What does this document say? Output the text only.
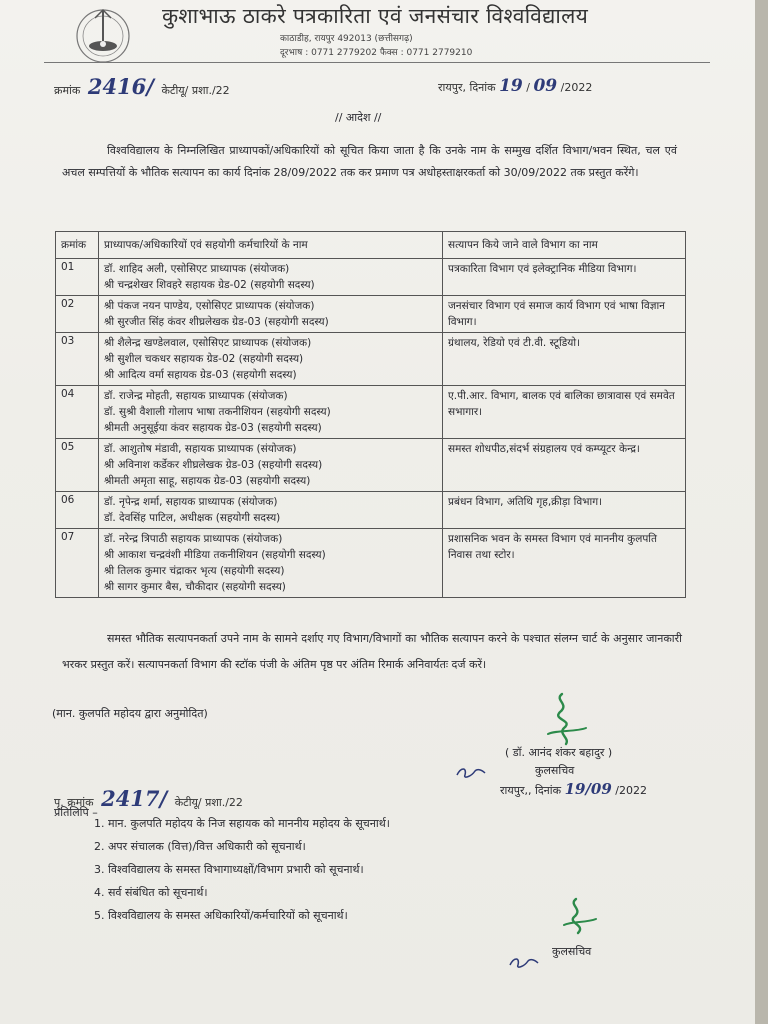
कुशाभाऊ ठाकरे पत्रकारिता एवं जनसंचार विश्वविद्यालय
काठाडीह, रायपुर 492013 (छत्तीसगढ़)
दूरभाष : 0771 2779202 फैक्स : 0771 2779210
क्रमांक 2416/ केटीयू/ प्रशा./22	रायपुर, दिनांक 19 / 09 /2022
// आदेश //
विश्वविद्यालय के निम्नलिखित प्राध्यापकों/अधिकारियों को सूचित किया जाता है कि उनके नाम के सम्मुख दर्शित विभाग/भवन स्थित, चल एवं अचल सम्पत्तियों के भौतिक सत्यापन का कार्य दिनांक 28/09/2022 तक कर प्रमाण पत्र अधोहस्ताक्षरकर्ता को 30/09/2022 तक प्रस्तुत करेंगे।
क्रमांक	प्राध्यापक/अधिकारियों एवं सहयोगी कर्मचारियों के नाम	सत्यापन किये जाने वाले विभाग का नाम
01	डॉ. शाहिद अली, एसोसिएट प्राध्यापक (संयोजक)
श्री चन्द्रशेखर शिवहरे सहायक ग्रेड-02 (सहयोगी सदस्य)	पत्रकारिता विभाग एवं इलेक्ट्रानिक मीडिया विभाग।
02	श्री पंकज नयन पाण्डेय, एसोसिएट प्राध्यापक (संयोजक)
श्री सुरजीत सिंह कंवर शीघ्रलेखक ग्रेड-03 (सहयोगी सदस्य)	जनसंचार विभाग एवं समाज कार्य विभाग एवं भाषा विज्ञान विभाग।
03	श्री शैलेन्द्र खण्डेलवाल, एसोसिएट प्राध्यापक (संयोजक)
श्री सुशील चकधर सहायक ग्रेड-02 (सहयोगी सदस्य)
श्री आदित्य वर्मा सहायक ग्रेड-03 (सहयोगी सदस्य)	ग्रंथालय, रेडियो एवं टी.वी. स्टूडियो।
04	डॉ. राजेन्द्र मोहती, सहायक प्राध्यापक (संयोजक)
डॉ. सुश्री वैशाली गोलाप भाषा तकनीशियन (सहयोगी सदस्य)
श्रीमती अनुसूईया कंवर सहायक ग्रेड-03 (सहयोगी सदस्य)	ए.पी.आर. विभाग, बालक एवं बालिका छात्रावास एवं समवेत सभागार।
05	डॉ. आशुतोष मंडावी, सहायक प्राध्यापक (संयोजक)
श्री अविनाश कर्डेकर शीघ्रलेखक ग्रेड-03 (सहयोगी सदस्य)
श्रीमती अमृता साहू, सहायक ग्रेड-03 (सहयोगी सदस्य)	समस्त शोधपीठ,संदर्भ संग्रहालय एवं कम्प्यूटर केन्द्र।
06	डॉ. नृपेन्द्र शर्मा, सहायक प्राध्यापक (संयोजक)
डॉ. देवसिंह पाटिल, अधीक्षक (सहयोगी सदस्य)	प्रबंधन विभाग, अतिथि गृह,क्रीड़ा विभाग।
07	डॉ. नरेन्द्र त्रिपाठी सहायक प्राध्यापक (संयोजक)
श्री आकाश चन्द्रवंशी मीडिया तकनीशियन (सहयोगी सदस्य)
श्री तिलक कुमार चंद्राकर भृत्य (सहयोगी सदस्य)
श्री सागर कुमार बैस, चौकीदार (सहयोगी सदस्य)	प्रशासनिक भवन के समस्त विभाग एवं माननीय कुलपति निवास तथा स्टोर।
समस्त भौतिक सत्यापनकर्ता उपने नाम के सामने दर्शाए गए विभाग/विभागों का भौतिक सत्यापन करने के पश्चात संलग्न चार्ट के अनुसार जानकारी भरकर प्रस्तुत करें। सत्यापनकर्ता विभाग की स्टॉक पंजी के अंतिम पृष्ठ पर अंतिम रिमार्क अनिवार्यतः दर्ज करें।
(मान. कुलपति महोदय द्वारा अनुमोदित)
( डॉ. आनंद शंकर बहादुर )
कुलसचिव
रायपुर,, दिनांक 19/09 /2022
पृ. क्रमांक 2417/ केटीयू/ प्रशा./22
प्रतिलिपि –
1. मान. कुलपति महोदय के निज सहायक को माननीय महोदय के सूचनार्थ।
2. अपर संचालक (वित्त)/वित्त अधिकारी को सूचनार्थ।
3. विश्वविद्यालय के समस्त विभागाध्यक्षों/विभाग प्रभारी को सूचनार्थ।
4. सर्व संबंधित को सूचनार्थ।
5. विश्वविद्यालय के समस्त अधिकारियों/कर्मचारियों को सूचनार्थ।
कुलसचिव
